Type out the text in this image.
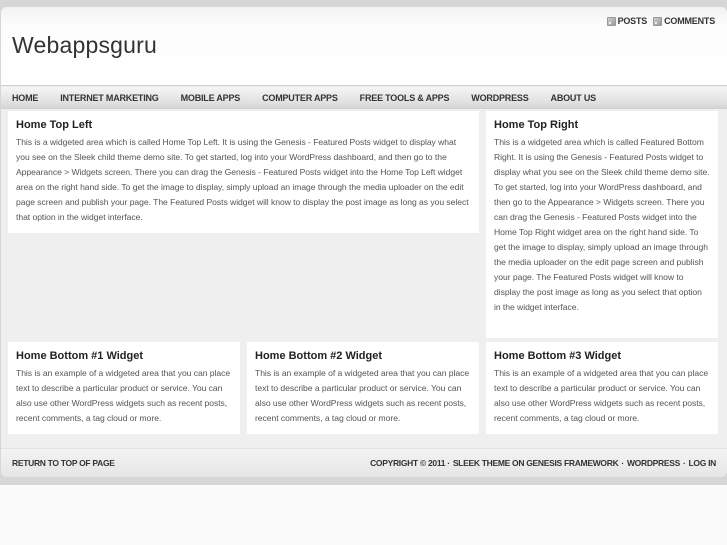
Webappsguru
POSTS COMMENTS
HOME INTERNET MARKETING MOBILE APPS COMPUTER APPS FREE TOOLS & APPS WORDPRESS ABOUT US
Home Top Left

This is a widgeted area which is called Home Top Left. It is using the Genesis - Featured Posts widget to display what you see on the Sleek child theme demo site. To get started, log into your WordPress dashboard, and then go to the Appearance > Widgets screen. There you can drag the Genesis - Featured Posts widget into the Home Top Left widget area on the right hand side. To get the image to display, simply upload an image through the media uploader on the edit page screen and publish your page. The Featured Posts widget will know to display the post image as long as you select that option in the widget interface.

Home Top Right

This is a widgeted area which is called Featured Bottom Right. It is using the Genesis - Featured Posts widget to display what you see on the Sleek child theme demo site. To get started, log into your WordPress dashboard, and then go to the Appearance > Widgets screen. There you can drag the Genesis - Featured Posts widget into the Home Top Right widget area on the right hand side. To get the image to display, simply upload an image through the media uploader on the edit page screen and publish your page. The Featured Posts widget will know to display the post image as long as you select that option in the widget interface.

Home Bottom #1 Widget

This is an example of a widgeted area that you can place text to describe a particular product or service. You can also use other WordPress widgets such as recent posts, recent comments, a tag cloud or more.

Home Bottom #2 Widget

This is an example of a widgeted area that you can place text to describe a particular product or service. You can also use other WordPress widgets such as recent posts, recent comments, a tag cloud or more.

Home Bottom #3 Widget

This is an example of a widgeted area that you can place text to describe a particular product or service. You can also use other WordPress widgets such as recent posts, recent comments, a tag cloud or more.

RETURN TO TOP OF PAGE	COPYRIGHT © 2011 · SLEEK THEME ON GENESIS FRAMEWORK · WORDPRESS · LOG IN
